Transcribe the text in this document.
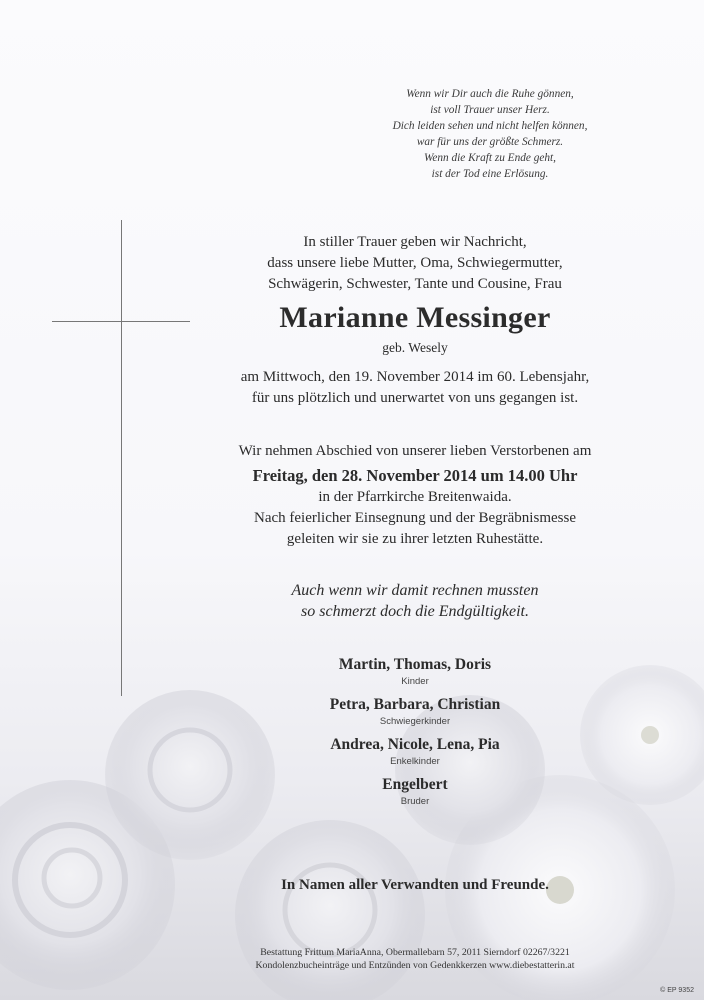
Wenn wir Dir auch die Ruhe gönnen,
ist voll Trauer unser Herz.
Dich leiden sehen und nicht helfen können,
war für uns der größte Schmerz.
Wenn die Kraft zu Ende geht,
ist der Tod eine Erlösung.
In stiller Trauer geben wir Nachricht,
dass unsere liebe Mutter, Oma, Schwiegermutter,
Schwägerin, Schwester, Tante und Cousine, Frau
Marianne Messinger
geb. Wesely
am Mittwoch, den 19. November 2014 im 60. Lebensjahr,
für uns plötzlich und unerwartet von uns gegangen ist.
Wir nehmen Abschied von unserer lieben Verstorbenen am
Freitag, den 28. November 2014 um 14.00 Uhr
in der Pfarrkirche Breitenwaida.
Nach feierlicher Einsegnung und der Begräbnismesse
geleiten wir sie zu ihrer letzten Ruhestätte.
Auch wenn wir damit rechnen mussten
so schmerzt doch die Endgültigkeit.
Martin, Thomas, Doris
Kinder
Petra, Barbara, Christian
Schwiegerkinder
Andrea, Nicole, Lena, Pia
Enkelkinder
Engelbert
Bruder
In Namen aller Verwandten und Freunde.
Bestattung Frittum MariaAnna, Obermallebarn 57, 2011 Sierndorf 02267/3221
Kondolenzbucheinträge und Entzünden von Gedenkkerzen www.diebestatterin.at
© EP 9352
